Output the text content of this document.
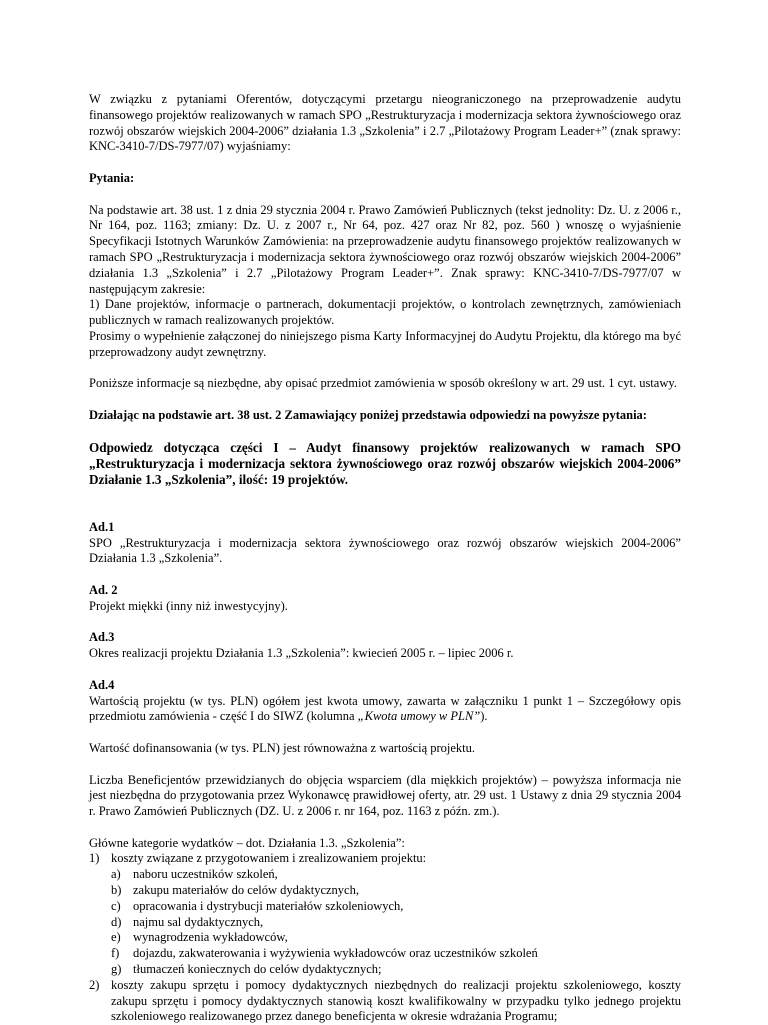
W związku z pytaniami Oferentów, dotyczącymi przetargu nieograniczonego na przeprowadzenie audytu finansowego projektów realizowanych w ramach SPO „Restrukturyzacja i modernizacja sektora żywnościowego oraz rozwój obszarów wiejskich 2004-2006” działania 1.3 „Szkolenia” i 2.7 „Pilotażowy Program Leader+” (znak sprawy: KNC-3410-7/DS-7977/07) wyjaśniamy:

Pytania:

Na podstawie art. 38 ust. 1 z dnia 29 stycznia 2004 r. Prawo Zamówień Publicznych (tekst jednolity: Dz. U. z 2006 r., Nr 164, poz. 1163; zmiany: Dz. U. z 2007 r., Nr 64, poz. 427 oraz Nr 82, poz. 560 ) wnoszę o wyjaśnienie Specyfikacji Istotnych Warunków Zamówienia: na przeprowadzenie audytu finansowego projektów realizowanych w ramach SPO „Restrukturyzacja i modernizacja sektora żywnościowego oraz rozwój obszarów wiejskich 2004-2006” działania 1.3 „Szkolenia” i 2.7 „Pilotażowy Program Leader+”. Znak sprawy: KNC-3410-7/DS-7977/07 w następującym zakresie:

1) Dane projektów, informacje o partnerach, dokumentacji projektów, o kontrolach zewnętrznych, zamówieniach publicznych w ramach realizowanych projektów.

Prosimy o wypełnienie załączonej do niniejszego pisma Karty Informacyjnej do Audytu Projektu, dla którego ma być przeprowadzony audyt zewnętrzny.

Poniższe informacje są niezbędne, aby opisać przedmiot zamówienia w sposób określony w art. 29 ust. 1 cyt. ustawy.

Działając na podstawie art. 38 ust. 2 Zamawiający poniżej przedstawia odpowiedzi na powyższe pytania:

Odpowiedz dotycząca części I – Audyt finansowy projektów realizowanych w ramach SPO „Restrukturyzacja i modernizacja sektora żywnościowego oraz rozwój obszarów wiejskich 2004-2006” Działanie 1.3 „Szkolenia”, ilość: 19 projektów.

Ad.1

SPO „Restrukturyzacja i modernizacja sektora żywnościowego oraz rozwój obszarów wiejskich 2004-2006” Działania 1.3 „Szkolenia”.

Ad. 2

Projekt miękki (inny niż inwestycyjny).

Ad.3

Okres realizacji projektu Działania 1.3 „Szkolenia”: kwiecień 2005 r. – lipiec 2006 r.

Ad.4

Wartością projektu (w tys. PLN) ogółem jest kwota umowy, zawarta w załączniku 1 punkt 1 – Szczegółowy opis przedmiotu zamówienia - część I do SIWZ (kolumna „Kwota umowy w PLN”).

Wartość dofinansowania (w tys. PLN) jest równoważna z wartością projektu.

Liczba Beneficjentów przewidzianych do objęcia wsparciem (dla miękkich projektów) – powyższa informacja nie jest niezbędna do przygotowania przez Wykonawcę prawidłowej oferty, atr. 29 ust. 1 Ustawy z dnia 29 stycznia 2004 r. Prawo Zamówień Publicznych (DZ. U. z 2006 r. nr 164, poz. 1163 z późn. zm.).

Główne kategorie wydatków – dot. Działania 1.3. „Szkolenia”:

1) koszty związane z przygotowaniem i zrealizowaniem projektu:
a) naboru uczestników szkoleń,
b) zakupu materiałów do celów dydaktycznych,
c) opracowania i dystrybucji materiałów szkoleniowych,
d) najmu sal dydaktycznych,
e) wynagrodzenia wykładowców,
f) dojazdu, zakwaterowania i wyżywienia wykładowców oraz uczestników szkoleń
g) tłumaczeń koniecznych do celów dydaktycznych;
2) koszty zakupu sprzętu i pomocy dydaktycznych niezbędnych do realizacji projektu szkoleniowego, koszty zakupu sprzętu i pomocy dydaktycznych stanowią koszt kwalifikowalny w przypadku tylko jednego projektu szkoleniowego realizowanego przez danego beneficjenta w okresie wdrażania Programu;
